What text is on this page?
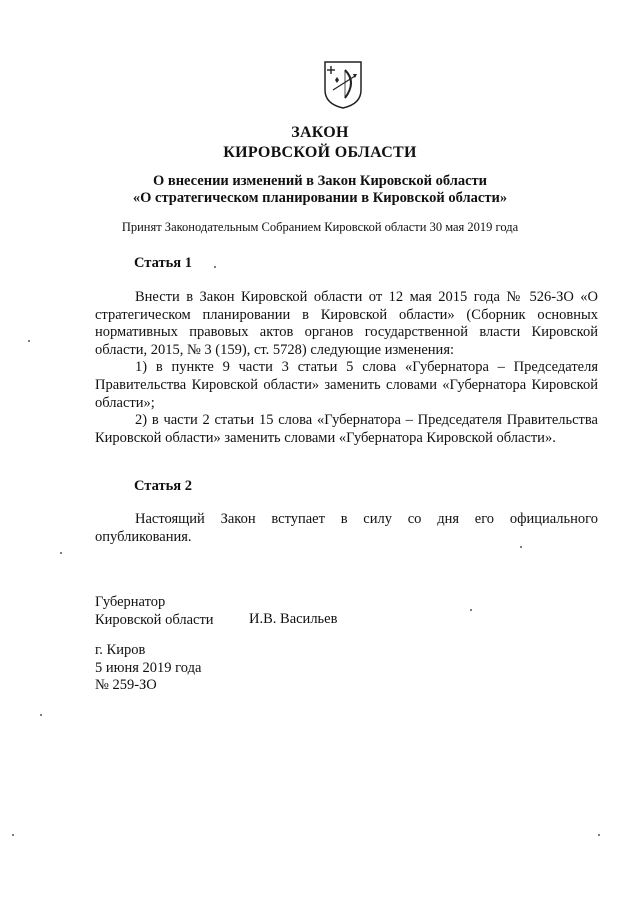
ЗАКОН
КИРОВСКОЙ ОБЛАСТИ
О внесении изменений в Закон Кировской области
«О стратегическом планировании в Кировской области»
Принят Законодательным Собранием Кировской области 30 мая 2019 года
Статья 1

Внести в Закон Кировской области от 12 мая 2015 года № 526-ЗО «О стратегическом планировании в Кировской области» (Сборник основных нормативных правовых актов органов государственной власти Кировской области, 2015, № 3 (159), ст. 5728) следующие изменения:

1) в пункте 9 части 3 статьи 5 слова «Губернатора – Председателя Правительства Кировской области» заменить словами «Губернатора Кировской области»;

2) в части 2 статьи 15 слова «Губернатора – Председателя Правительства Кировской области» заменить словами «Губернатора Кировской области».

Статья 2

Настоящий Закон вступает в силу со дня его официального опубликования.

Губернатор
Кировской области И.В. Васильев
г. Киров
5 июня 2019 года
№ 259-ЗО
